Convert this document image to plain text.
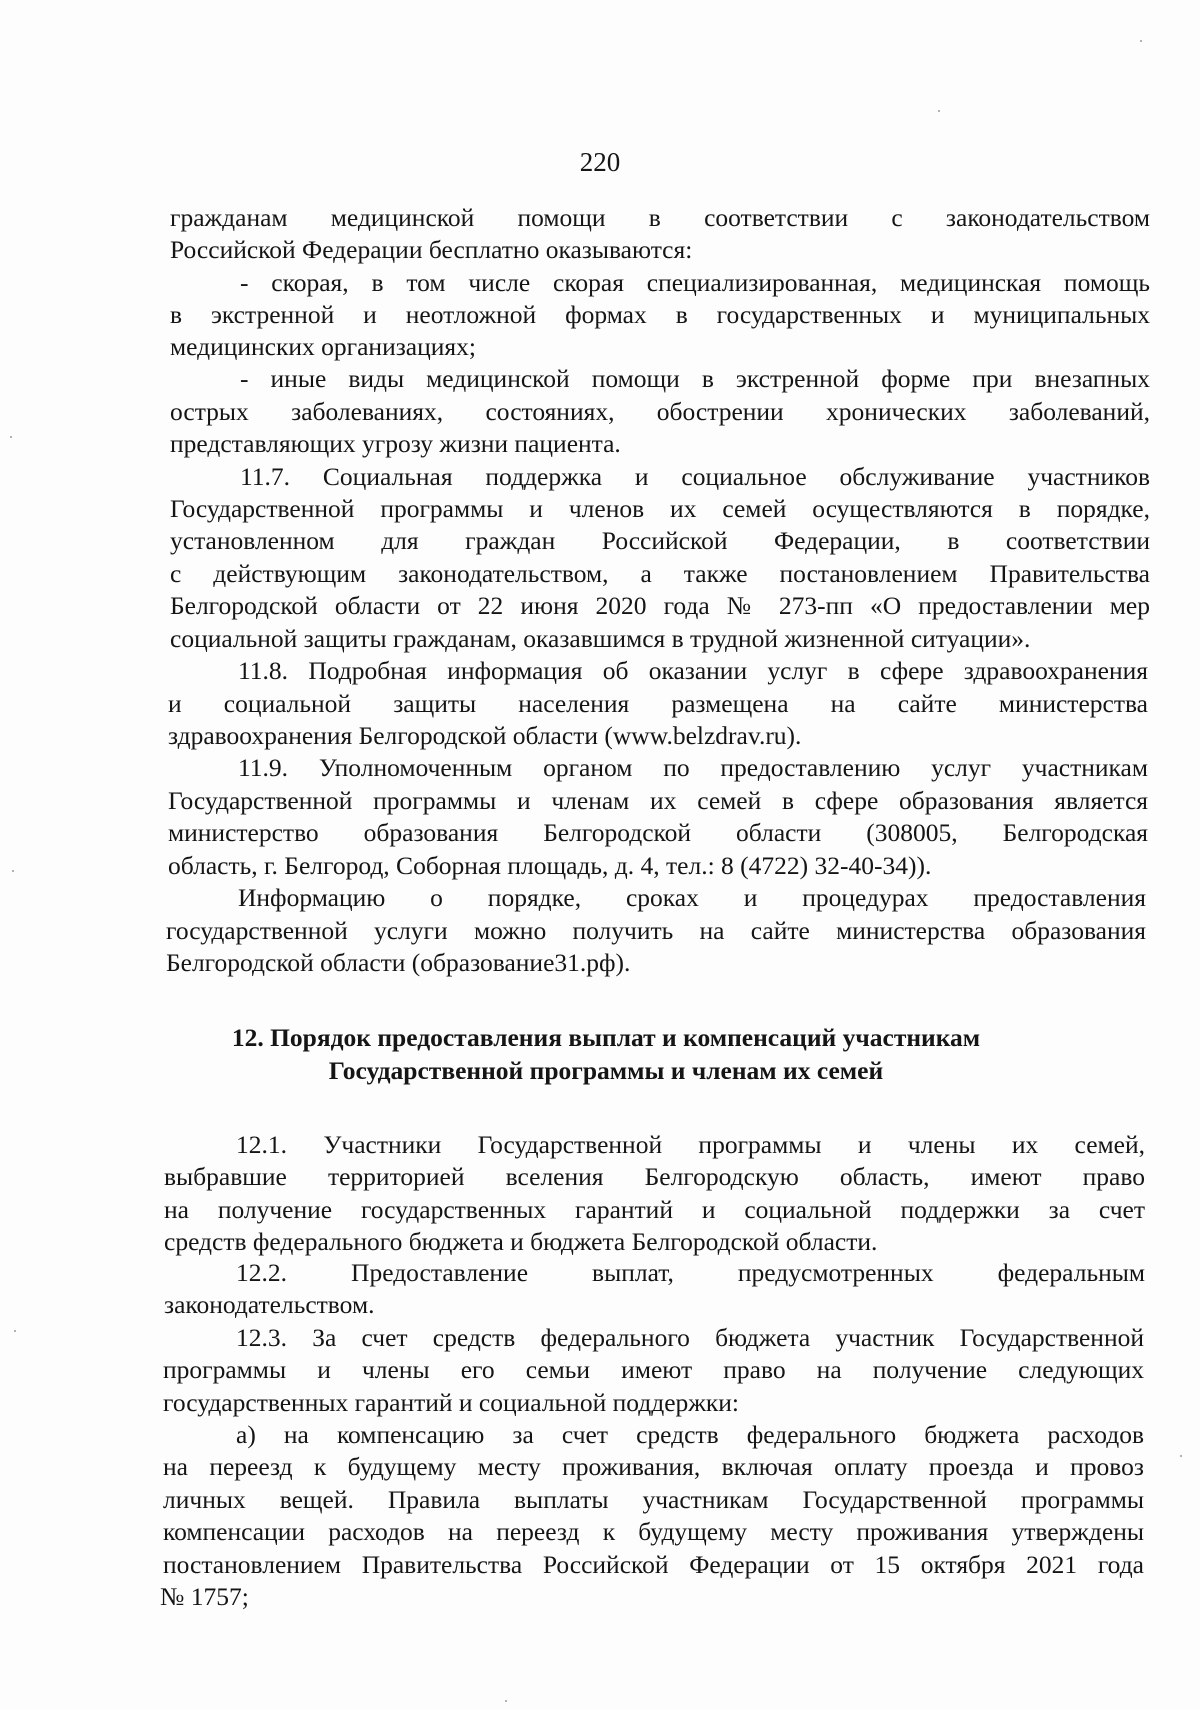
220
гражданам медицинской помощи в соответствии с законодательством
Российской Федерации бесплатно оказываются:
- скорая, в том числе скорая специализированная, медицинская помощь
в экстренной и неотложной формах в государственных и муниципальных
медицинских организациях;
- иные виды медицинской помощи в экстренной форме при внезапных
острых заболеваниях, состояниях, обострении хронических заболеваний,
представляющих угрозу жизни пациента.
11.7. Социальная поддержка и социальное обслуживание участников
Государственной программы и членов их семей осуществляются в порядке,
установленном для граждан Российской Федерации, в соответствии
с действующим законодательством, а также постановлением Правительства
Белгородской области от 22 июня 2020 года № 273-пп «О предоставлении мер
социальной защиты гражданам, оказавшимся в трудной жизненной ситуации».
11.8. Подробная информация об оказании услуг в сфере здравоохранения
и социальной защиты населения размещена на сайте министерства
здравоохранения Белгородской области (www.belzdrav.ru).
11.9. Уполномоченным органом по предоставлению услуг участникам
Государственной программы и членам их семей в сфере образования является
министерство образования Белгородской области (308005, Белгородская
область, г. Белгород, Соборная площадь, д. 4, тел.: 8 (4722) 32-40-34)).
Информацию о порядке, сроках и процедурах предоставления
государственной услуги можно получить на сайте министерства образования
Белгородской области (образование31.рф).
12. Порядок предоставления выплат и компенсаций участникам
Государственной программы и членам их семей
12.1. Участники Государственной программы и члены их семей,
выбравшие территорией вселения Белгородскую область, имеют право
на получение государственных гарантий и социальной поддержки за счет
средств федерального бюджета и бюджета Белгородской области.
12.2. Предоставление выплат, предусмотренных федеральным
законодательством.
12.3. За счет средств федерального бюджета участник Государственной
программы и члены его семьи имеют право на получение следующих
государственных гарантий и социальной поддержки:
а) на компенсацию за счет средств федерального бюджета расходов
на переезд к будущему месту проживания, включая оплату проезда и провоз
личных вещей. Правила выплаты участникам Государственной программы
компенсации расходов на переезд к будущему месту проживания утверждены
постановлением Правительства Российской Федерации от 15 октября 2021 года
№ 1757;
